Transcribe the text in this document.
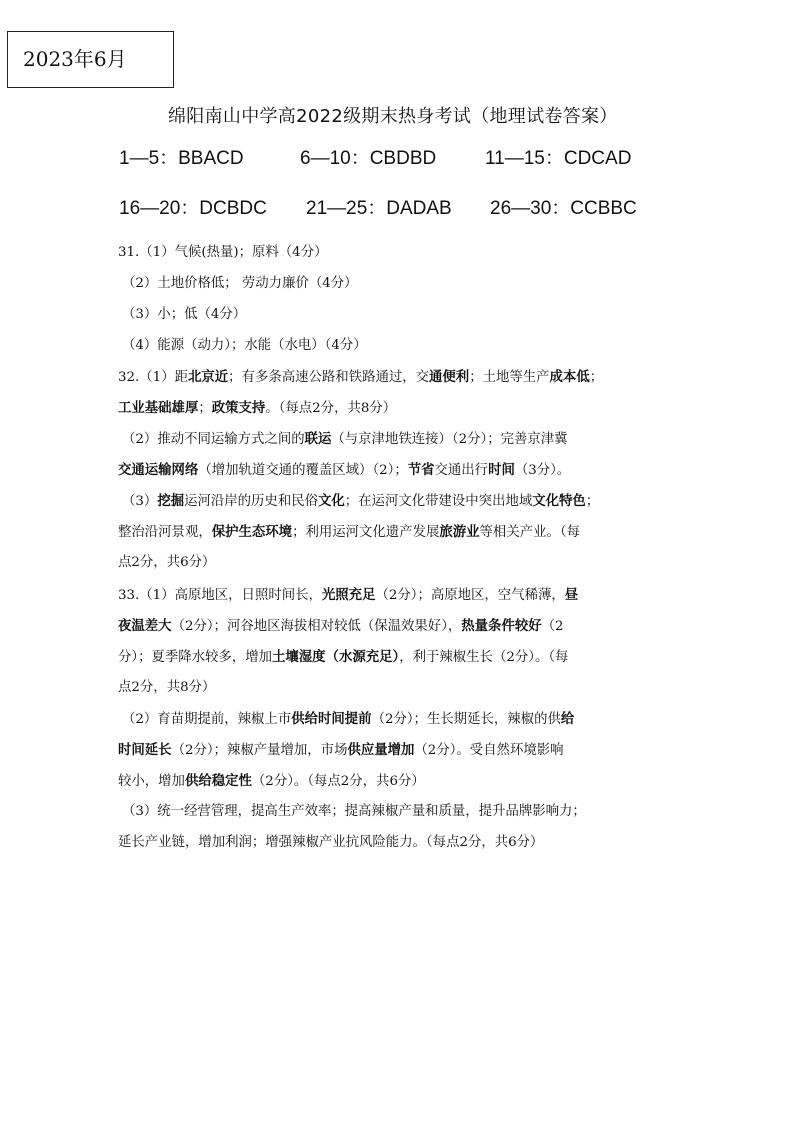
2023年6月
绵阳南山中学高2022级期末热身考试（地理试卷答案）
1—5：BBACD	6—10：CBDBD	11—15：CDCAD
16—20：DCBDC 21—25：DADAB 26—30：CCBBC
31.（1）气候(热量)；原料（4分）
（2）土地价格低； 劳动力廉价（4分）
（3）小；低（4分）
（4）能源（动力）；水能（水电）（4分）
32.（1）距北京近；有多条高速公路和铁路通过，交通便利；土地等生产成本低；
工业基础雄厚；政策支持。（每点2分，共8分）
（2）推动不同运输方式之间的联运（与京津地铁连接）（2分）；完善京津冀
交通运输网络（增加轨道交通的覆盖区域）（2）；节省交通出行时间（3分）。
（3）挖掘运河沿岸的历史和民俗文化；在运河文化带建设中突出地域文化特色；
整治沿河景观，保护生态环境；利用运河文化遗产发展旅游业等相关产业。（每
点2分，共6分）
33.（1）高原地区，日照时间长，光照充足（2分）；高原地区，空气稀薄，昼
夜温差大（2分）；河谷地区海拔相对较低（保温效果好），热量条件较好（2
分）；夏季降水较多，增加土壤湿度（水源充足），利于辣椒生长（2分）。（每
点2分，共8分）
（2）育苗期提前，辣椒上市供给时间提前（2分）；生长期延长，辣椒的供给
时间延长（2分）；辣椒产量增加，市场供应量增加（2分）。受自然环境影响
较小，增加供给稳定性（2分）。（每点2分，共6分）
（3）统一经营管理，提高生产效率；提高辣椒产量和质量，提升品牌影响力；
延长产业链，增加利润；增强辣椒产业抗风险能力。（每点2分，共6分）
